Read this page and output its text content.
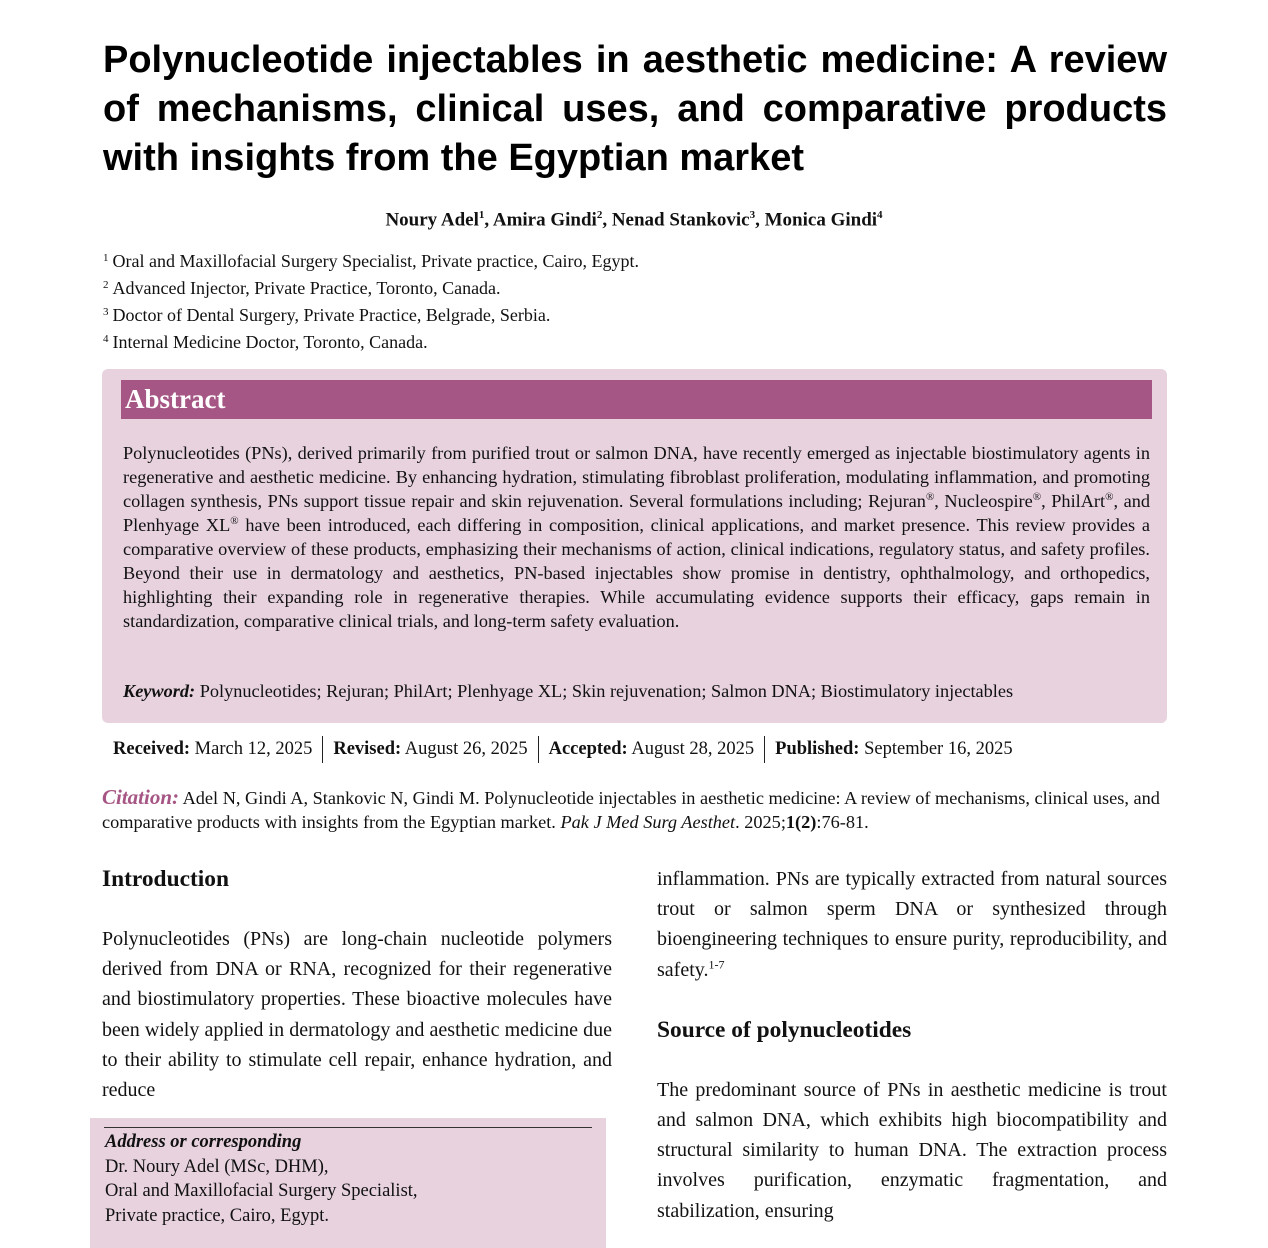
Polynucleotide injectables in aesthetic medicine: A review of mechanisms, clinical uses, and comparative products with insights from the Egyptian market
Noury Adel$^1$, Amira Gindi$^2$, Nenad Stankovic$^3$, Monica Gindi$^4$
$^1$ Oral and Maxillofacial Surgery Specialist, Private practice, Cairo, Egypt.
$^2$ Advanced Injector, Private Practice, Toronto, Canada.
$^3$ Doctor of Dental Surgery, Private Practice, Belgrade, Serbia.
$^4$ Internal Medicine Doctor, Toronto, Canada.
Abstract

Polynucleotides (PNs), derived primarily from purified trout or salmon DNA, have recently emerged as injectable biostimulatory agents in regenerative and aesthetic medicine. By enhancing hydration, stimulating fibroblast proliferation, modulating inflammation, and promoting collagen synthesis, PNs support tissue repair and skin rejuvenation. Several formulations including; Rejuran®, Nucleospire®, PhilArt®, and Plenhyage XL® have been introduced, each differing in composition, clinical applications, and market presence. This review provides a comparative overview of these products, emphasizing their mechanisms of action, clinical indications, regulatory status, and safety profiles. Beyond their use in dermatology and aesthetics, PN-based injectables show promise in dentistry, ophthalmology, and orthopedics, highlighting their expanding role in regenerative therapies. While accumulating evidence supports their efficacy, gaps remain in standardization, comparative clinical trials, and long-term safety evaluation.

Keyword: Polynucleotides; Rejuran; PhilArt; Plenhyage XL; Skin rejuvenation; Salmon DNA; Biostimulatory injectables
Received: March 12, 2025	Revised: August 26, 2025	Accepted: August 28, 2025	Published: September 16, 2025

Citation: Adel N, Gindi A, Stankovic N, Gindi M. Polynucleotide injectables in aesthetic medicine: A review of mechanisms, clinical uses, and comparative products with insights from the Egyptian market. Pak J Med Surg Aesthet. 2025;1(2):76-81.

Introduction

Polynucleotides (PNs) are long-chain nucleotide polymers derived from DNA or RNA, recognized for their regenerative and biostimulatory properties. These bioactive molecules have been widely applied in dermatology and aesthetic medicine due to their ability to stimulate cell repair, enhance hydration, and reduce

inflammation. PNs are typically extracted from natural sources trout or salmon sperm DNA or synthesized through bioengineering techniques to ensure purity, reproducibility, and safety.$^{1-7}$

Source of polynucleotides

The predominant source of PNs in aesthetic medicine is trout and salmon DNA, which exhibits high biocompatibility and structural similarity to human DNA. The extraction process involves purification, enzymatic fragmentation, and stabilization, ensuring

Address or corresponding
Dr. Noury Adel (MSc, DHM),
Oral and Maxillofacial Surgery Specialist,
Private practice, Cairo, Egypt.
